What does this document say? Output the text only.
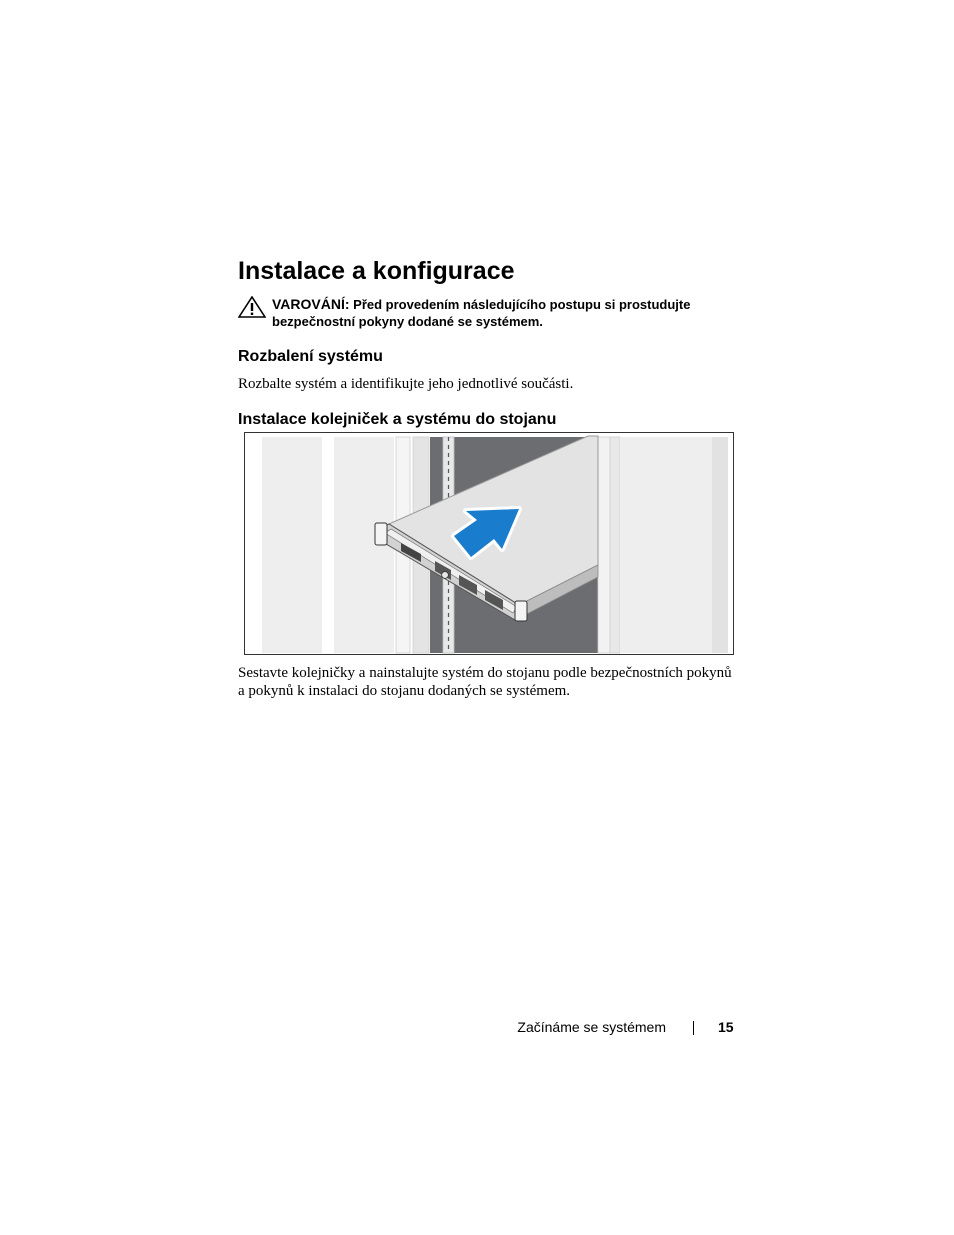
Instalace a konfigurace
VAROVÁNÍ: Před provedením následujícího postupu si prostudujte bezpečnostní pokyny dodané se systémem.
Rozbalení systému

Rozbalte systém a identifikujte jeho jednotlivé součásti.

Instalace kolejniček a systému do stojanu

Sestavte kolejničky a nainstalujte systém do stojanu podle bezpečnostních pokynů a pokynů k instalaci do stojanu dodaných se systémem.

Začínáme se systémem	15
